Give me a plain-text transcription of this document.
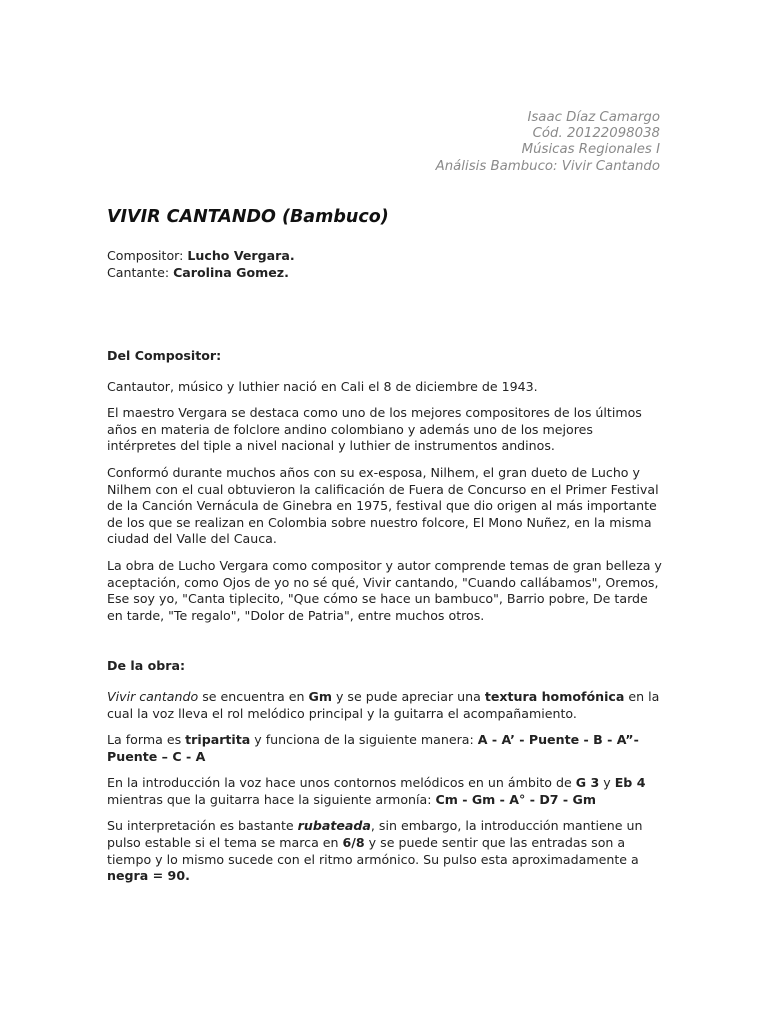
Isaac Díaz Camargo
Cód. 20122098038
Músicas Regionales I
Análisis Bambuco: Vivir Cantando
VIVIR CANTANDO (Bambuco)
Compositor: Lucho Vergara.
Cantante: Carolina Gomez.

Del Compositor:

Cantautor, músico y luthier nació en Cali el 8 de diciembre de 1943.

El maestro Vergara se destaca como uno de los mejores compositores de los últimos años en materia de folclore andino colombiano y además uno de los mejores intérpretes del tiple a nivel nacional y luthier de instrumentos andinos.

Conformó durante muchos años con su ex-esposa, Nilhem, el gran dueto de Lucho y Nilhem con el cual obtuvieron la calificación de Fuera de Concurso en el Primer Festival de la Canción Vernácula de Ginebra en 1975, festival que dio origen al más importante de los que se realizan en Colombia sobre nuestro folcore, El Mono Nuñez, en la misma ciudad del Valle del Cauca.

La obra de Lucho Vergara como compositor y autor comprende temas de gran belleza y aceptación, como Ojos de yo no sé qué, Vivir cantando, "Cuando callábamos", Oremos, Ese soy yo, "Canta tiplecito, "Que cómo se hace un bambuco", Barrio pobre, De tarde en tarde, "Te regalo", "Dolor de Patria", entre muchos otros.

De la obra:

Vivir cantando se encuentra en Gm y se pude apreciar una textura homofónica en la cual la voz lleva el rol melódico principal y la guitarra el acompañamiento.

La forma es tripartita y funciona de la siguiente manera: A - A’ - Puente - B - A”- Puente – C - A

En la introducción la voz hace unos contornos melódicos en un ámbito de G 3 y Eb 4 mientras que la guitarra hace la siguiente armonía: Cm - Gm - A° - D7 - Gm

Su interpretación es bastante rubateada, sin embargo, la introducción mantiene un pulso estable si el tema se marca en 6/8 y se puede sentir que las entradas son a tiempo y lo mismo sucede con el ritmo armónico. Su pulso esta aproximadamente a negra = 90.
